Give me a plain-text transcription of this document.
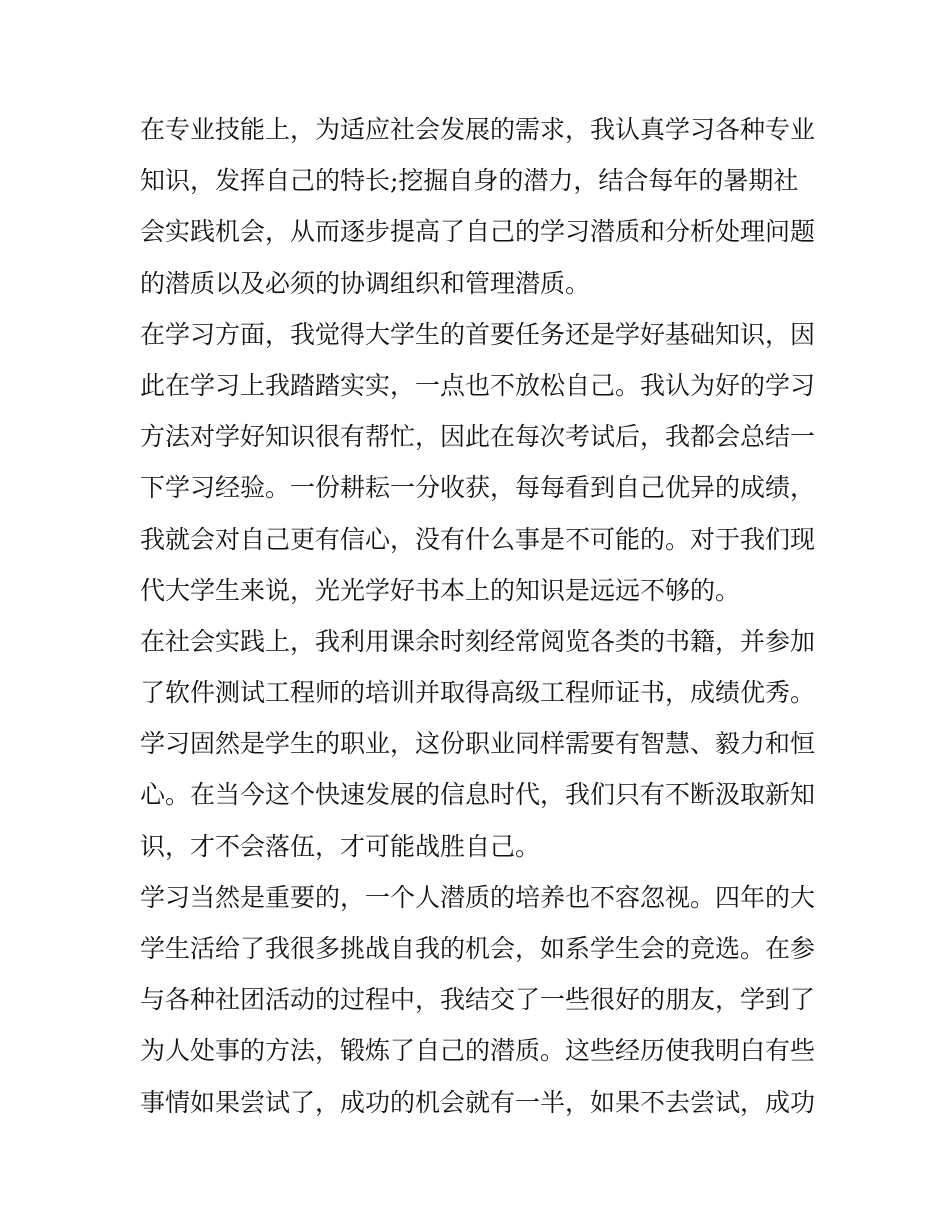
在专业技能上，为适应社会发展的需求，我认真学习各种专业
知识，发挥自己的特长;挖掘自身的潜力，结合每年的暑期社
会实践机会，从而逐步提高了自己的学习潜质和分析处理问题
的潜质以及必须的协调组织和管理潜质。
在学习方面，我觉得大学生的首要任务还是学好基础知识，因
此在学习上我踏踏实实，一点也不放松自己。我认为好的学习
方法对学好知识很有帮忙，因此在每次考试后，我都会总结一
下学习经验。一份耕耘一分收获，每每看到自己优异的成绩，
我就会对自己更有信心，没有什么事是不可能的。对于我们现
代大学生来说，光光学好书本上的知识是远远不够的。
在社会实践上，我利用课余时刻经常阅览各类的书籍，并参加
了软件测试工程师的培训并取得高级工程师证书，成绩优秀。
学习固然是学生的职业，这份职业同样需要有智慧、毅力和恒
心。在当今这个快速发展的信息时代，我们只有不断汲取新知
识，才不会落伍，才可能战胜自己。
学习当然是重要的，一个人潜质的培养也不容忽视。四年的大
学生活给了我很多挑战自我的机会，如系学生会的竞选。在参
与各种社团活动的过程中，我结交了一些很好的朋友，学到了
为人处事的方法，锻炼了自己的潜质。这些经历使我明白有些
事情如果尝试了，成功的机会就有一半，如果不去尝试，成功
